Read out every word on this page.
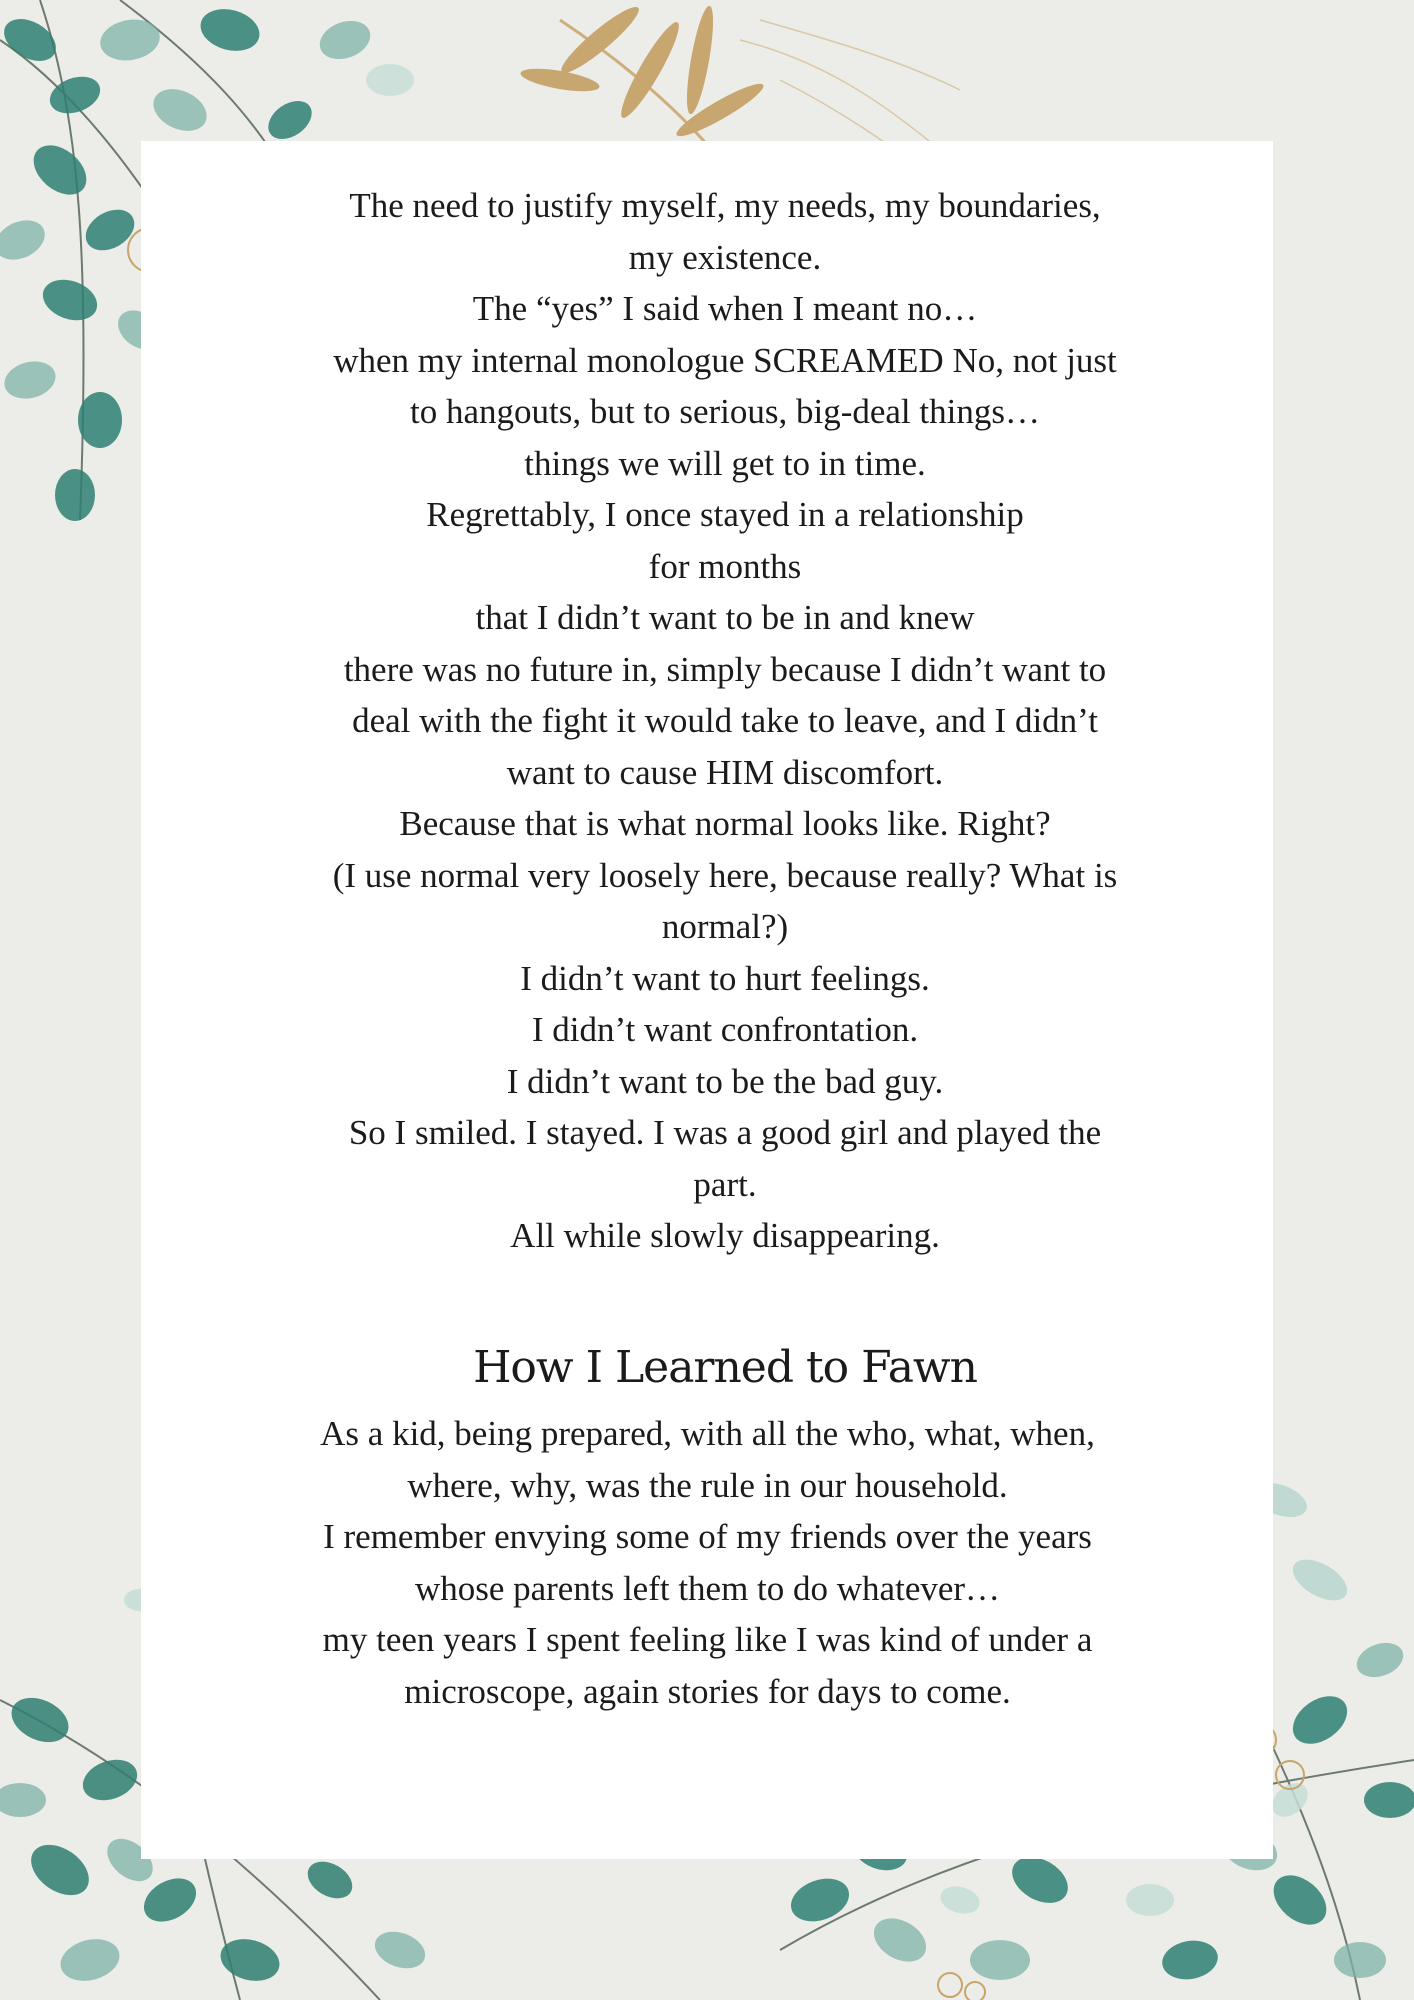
The need to justify myself, my needs, my boundaries,
my existence.
The “yes” I said when I meant no…
when my internal monologue SCREAMED No, not just
to hangouts, but to serious, big-deal things…
things we will get to in time.
Regrettably, I once stayed in a relationship
for months
that I didn’t want to be in and knew
there was no future in, simply because I didn’t want to
deal with the fight it would take to leave, and I didn’t
want to cause HIM discomfort.
Because that is what normal looks like. Right?
(I use normal very loosely here, because really? What is
normal?)
I didn’t want to hurt feelings.
I didn’t want confrontation.
I didn’t want to be the bad guy.
So I smiled. I stayed. I was a good girl and played the
part.
All while slowly disappearing.
How I Learned to Fawn
As a kid, being prepared, with all the who, what, when,
where, why, was the rule in our household.
I remember envying some of my friends over the years
whose parents left them to do whatever…
my teen years I spent feeling like I was kind of under a
microscope, again stories for days to come.
